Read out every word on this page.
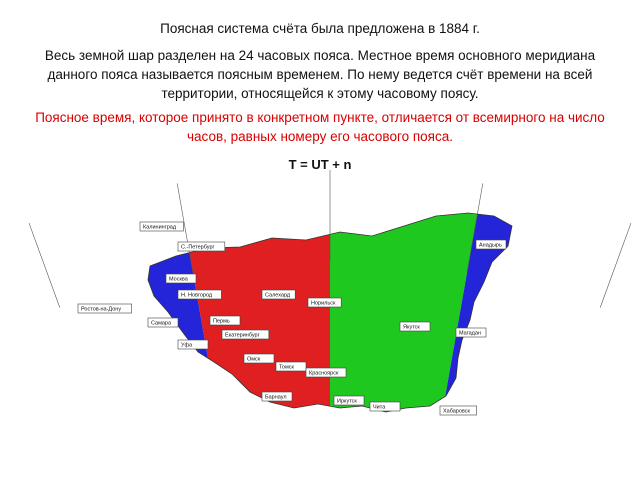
Поясная система счёта была предложена в 1884 г.
Весь земной шар разделен на 24 часовых пояса. Местное время основного меридиана данного пояса называется поясным временем. По нему ведется счёт времени на всей территории, относящейся к этому часовому поясу.
Поясное время, которое принято в конкретном пункте, отличается от всемирного на число часов, равных номеру его часового пояса.
T = UT + n
UTC+1
UTC+2
UTC+3
UTC+4
UTC+5
UTC+6
UTC+7
UTC+8
UTC+9
UTC+10
UTC+11
UTC+12
UTC+13
Калининград
С.-Петербург
Москва
Ростов-на-Дону
Н. Новгород
Самара	Пермь
Екатеринбург
Уфа
Салехард
Норильск
Омск
Томск
Красноярск
Барнаул
Иркутск
Чита
Якутск
Магадан
Анадырь
Хабаровск
